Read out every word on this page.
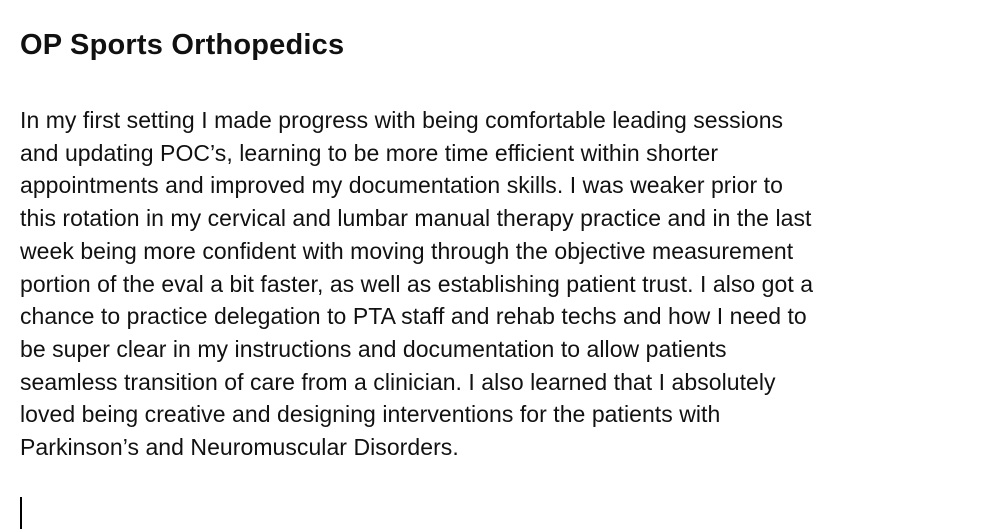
OP Sports Orthopedics
In my first setting I made progress with being comfortable leading sessions
and updating POC’s, learning to be more time efficient within shorter
appointments and improved my documentation skills. I was weaker prior to
this rotation in my cervical and lumbar manual therapy practice and in the last
week being more confident with moving through the objective measurement
portion of the eval a bit faster, as well as establishing patient trust. I also got a
chance to practice delegation to PTA staff and rehab techs and how I need to
be super clear in my instructions and documentation to allow patients
seamless transition of care from a clinician. I also learned that I absolutely
loved being creative and designing interventions for the patients with
Parkinson’s and Neuromuscular Disorders.
